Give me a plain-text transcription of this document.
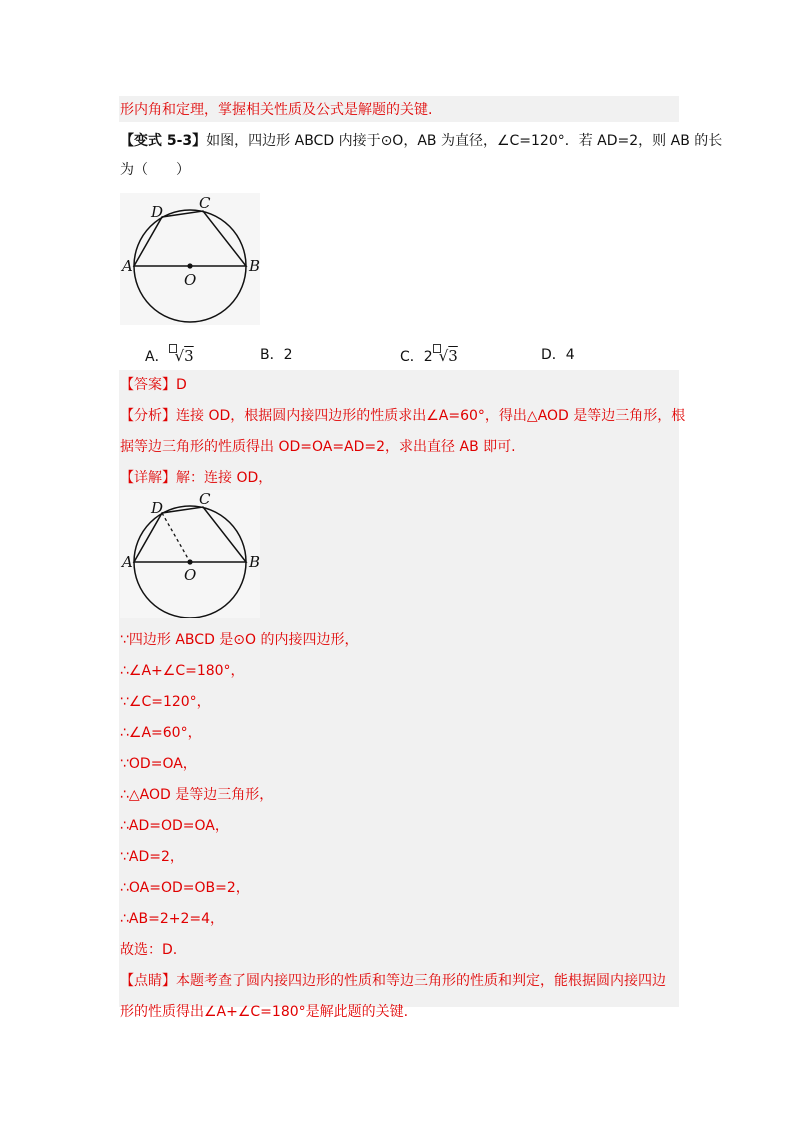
形内角和定理，掌握相关性质及公式是解题的关键.
【变式 5-3】如图，四边形 ABCD 内接于⊙O，AB 为直径，∠C=120°．若 AD=2，则 AB 的长
为（　　）
A	B
C
D
O
A． √3	B．2	C．2 √3	D．4
【答案】D
【分析】连接 OD，根据圆内接四边形的性质求出∠A=60°，得出△AOD 是等边三角形，根
据等边三角形的性质得出 OD=OA=AD=2，求出直径 AB 即可.
【详解】解：连接 OD，
A	B
C
D
O
∵四边形 ABCD 是⊙O 的内接四边形，
∴∠A+∠C=180°，
∵∠C=120°，
∴∠A=60°，
∵OD=OA，
∴△AOD 是等边三角形，
∴AD=OD=OA，
∵AD=2，
∴OA=OD=OB=2，
∴AB=2+2=4，
故选：D.
【点睛】本题考查了圆内接四边形的性质和等边三角形的性质和判定，能根据圆内接四边
形的性质得出∠A+∠C=180°是解此题的关键.
